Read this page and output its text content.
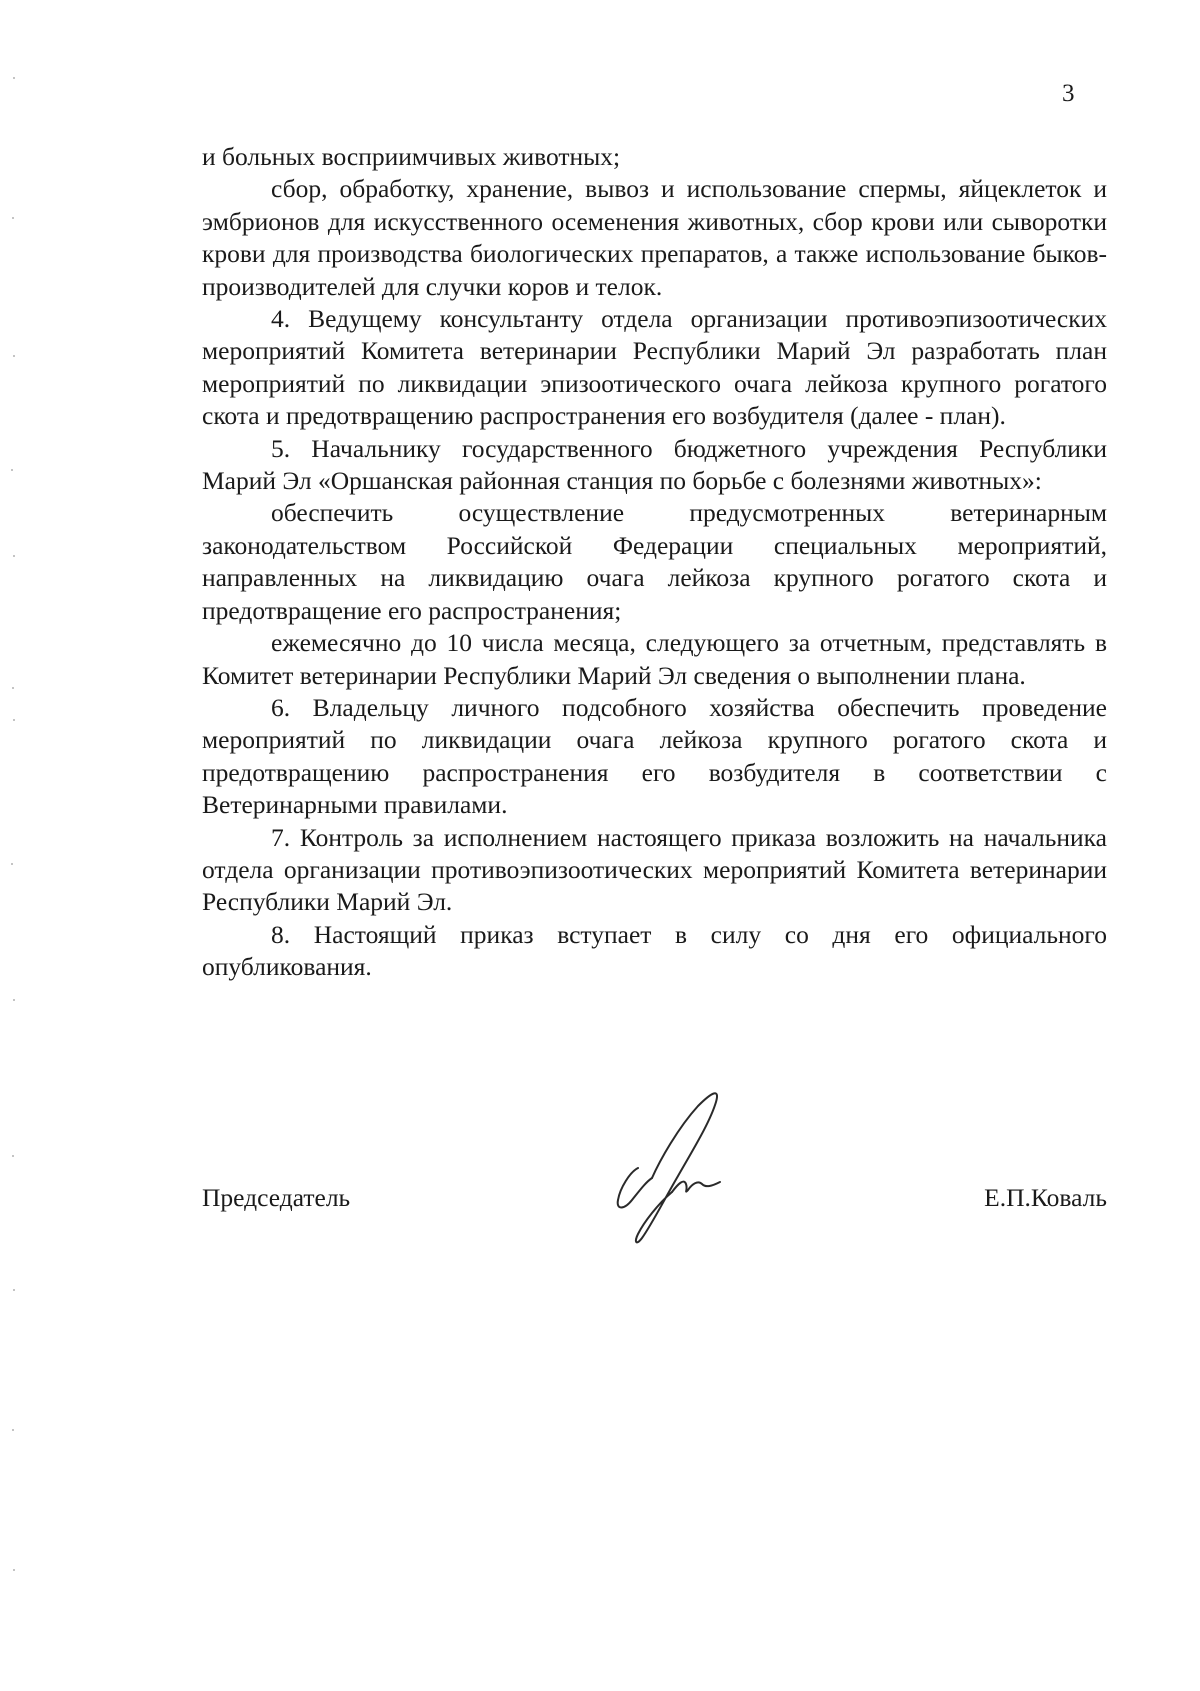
3

и больных восприимчивых животных;

сбор, обработку, хранение, вывоз и использование спермы, яйцеклеток и эмбрионов для искусственного осеменения животных, сбор крови или сыворотки крови для производства биологических препаратов, а также использование быков-производителей для случки коров и телок.

4. Ведущему консультанту отдела организации противоэпизоотических мероприятий Комитета ветеринарии Республики Марий Эл разработать план мероприятий по ликвидации эпизоотического очага лейкоза крупного рогатого скота и предотвращению распространения его возбудителя (далее - план).

5. Начальнику государственного бюджетного учреждения Республики Марий Эл «Оршанская районная станция по борьбе с болезнями животных»:

обеспечить осуществление предусмотренных ветеринарным законодательством Российской Федерации специальных мероприятий, направленных на ликвидацию очага лейкоза крупного рогатого скота и предотвращение его распространения;

ежемесячно до 10 числа месяца, следующего за отчетным, представлять в Комитет ветеринарии Республики Марий Эл сведения о выполнении плана.

6. Владельцу личного подсобного хозяйства обеспечить проведение мероприятий по ликвидации очага лейкоза крупного рогатого скота и предотвращению распространения его возбудителя в соответствии с Ветеринарными правилами.

7. Контроль за исполнением настоящего приказа возложить на начальника отдела организации противоэпизоотических мероприятий Комитета ветеринарии Республики Марий Эл.

8. Настоящий приказ вступает в силу со дня его официального опубликования.

Председатель	Е.П.Коваль
